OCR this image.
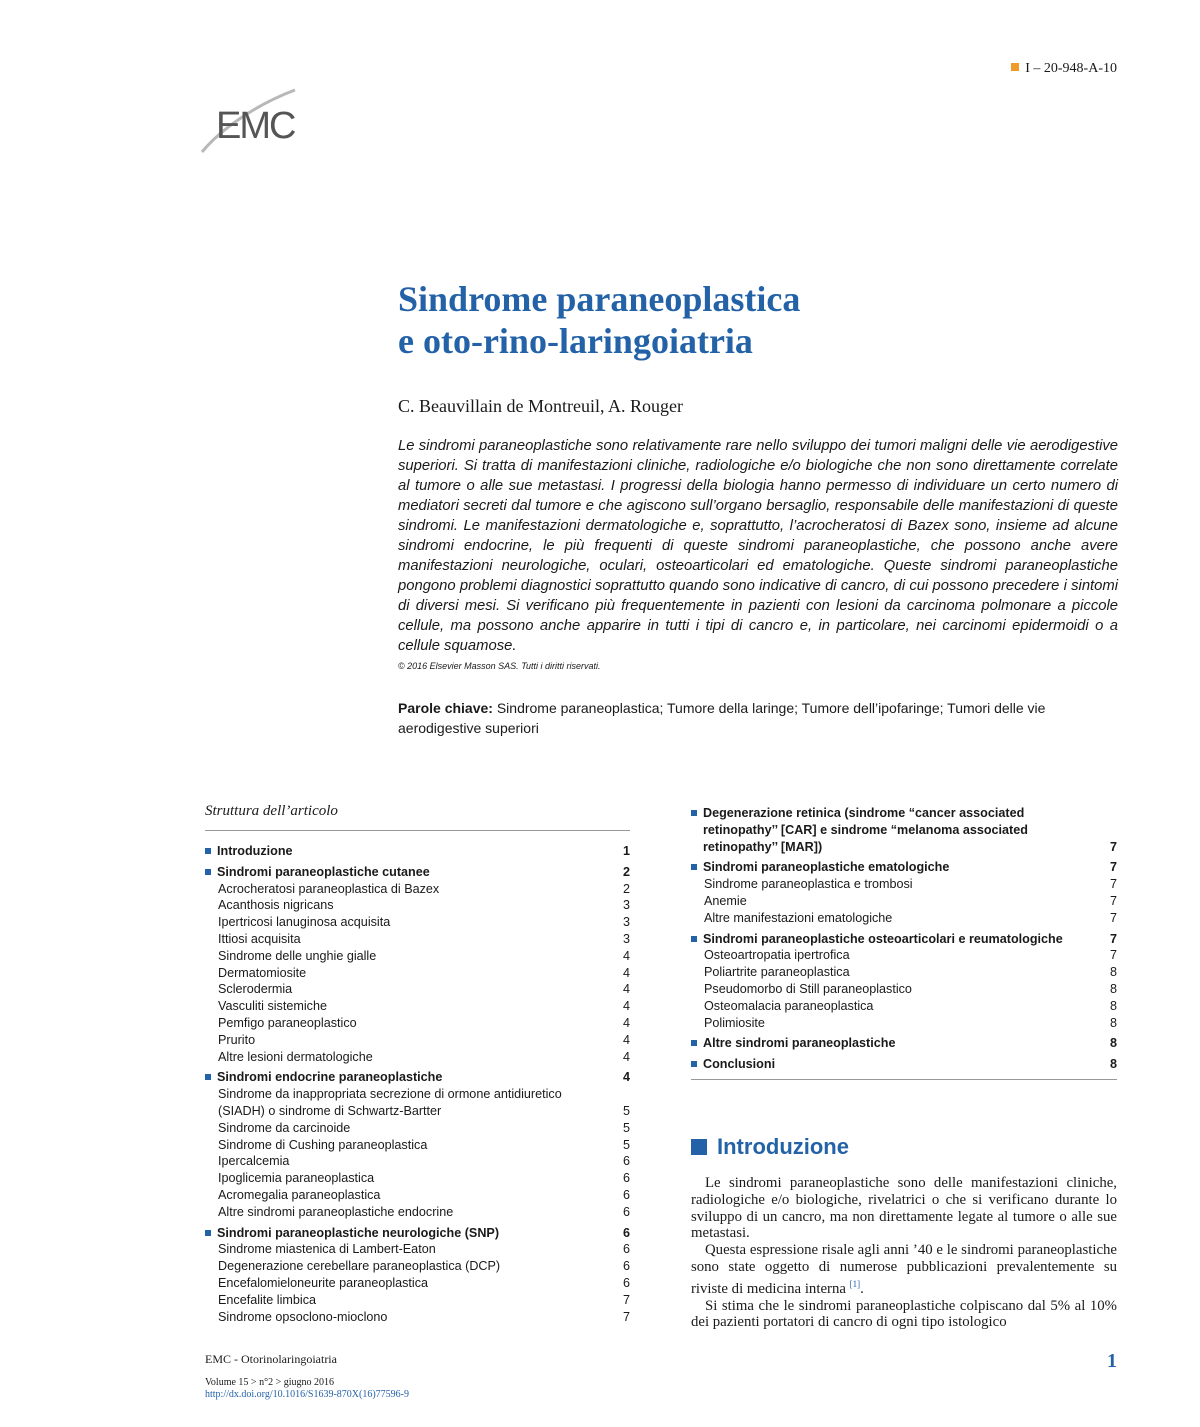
EMC
I – 20-948-A-10
Sindrome paraneoplastica
e oto-rino-laringoiatria
C. Beauvillain de Montreuil, A. Rouger

Le sindromi paraneoplastiche sono relativamente rare nello sviluppo dei tumori maligni delle vie aerodigestive superiori. Si tratta di manifestazioni cliniche, radiologiche e/o biologiche che non sono direttamente correlate al tumore o alle sue metastasi. I progressi della biologia hanno permesso di individuare un certo numero di mediatori secreti dal tumore e che agiscono sull’organo bersaglio, responsabile delle manifestazioni di queste sindromi. Le manifestazioni dermatologiche e, soprattutto, l’acrocheratosi di Bazex sono, insieme ad alcune sindromi endocrine, le più frequenti di queste sindromi paraneoplastiche, che possono anche avere manifestazioni neurologiche, oculari, osteoarticolari ed ematologiche. Queste sindromi paraneoplastiche pongono problemi diagnostici soprattutto quando sono indicative di cancro, di cui possono precedere i sintomi di diversi mesi. Si verificano più frequentemente in pazienti con lesioni da carcinoma polmonare a piccole cellule, ma possono anche apparire in tutti i tipi di cancro e, in particolare, nei carcinomi epidermoidi o a cellule squamose.

© 2016 Elsevier Masson SAS. Tutti i diritti riservati.

Parole chiave: Sindrome paraneoplastica; Tumore della laringe; Tumore dell’ipofaringe; Tumori delle vie aerodigestive superiori
Struttura dell’articolo
Introduzione	1
Sindromi paraneoplastiche cutanee	2
Acrocheratosi paraneoplastica di Bazex	2
Acanthosis nigricans	3
Ipertricosi lanuginosa acquisita	3
Ittiosi acquisita	3
Sindrome delle unghie gialle	4
Dermatomiosite	4
Sclerodermia	4
Vasculiti sistemiche	4
Pemfigo paraneoplastico	4
Prurito	4
Altre lesioni dermatologiche	4
Sindromi endocrine paraneoplastiche	4
Sindrome da inappropriata secrezione di ormone antidiuretico
(SIADH) o sindrome di Schwartz-Bartter	5
Sindrome da carcinoide	5
Sindrome di Cushing paraneoplastica	5
Ipercalcemia	6
Ipoglicemia paraneoplastica	6
Acromegalia paraneoplastica	6
Altre sindromi paraneoplastiche endocrine	6
Sindromi paraneoplastiche neurologiche (SNP)	6
Sindrome miastenica di Lambert-Eaton	6
Degenerazione cerebellare paraneoplastica (DCP)	6
Encefalomieloneurite paraneoplastica	6
Encefalite limbica	7
Sindrome opsoclono-mioclono	7
Degenerazione retinica (sindrome “cancer associated
retinopathy’’ [CAR] e sindrome “melanoma associated
retinopathy’’ [MAR])	7
Sindromi paraneoplastiche ematologiche	7
Sindrome paraneoplastica e trombosi	7
Anemie	7
Altre manifestazioni ematologiche	7
Sindromi paraneoplastiche osteoarticolari e reumatologiche	7
Osteoartropatia ipertrofica	7
Poliartrite paraneoplastica	8
Pseudomorbo di Still paraneoplastico	8
Osteomalacia paraneoplastica	8
Polimiosite	8
Altre sindromi paraneoplastiche	8
Conclusioni	8
Introduzione

Le sindromi paraneoplastiche sono delle manifestazioni cliniche, radiologiche e/o biologiche, rivelatrici o che si verificano durante lo sviluppo di un cancro, ma non direttamente legate al tumore o alle sue metastasi.

Questa espressione risale agli anni ’40 e le sindromi paraneoplastiche sono state oggetto di numerose pubblicazioni prevalentemente su riviste di medicina interna [1].

Si stima che le sindromi paraneoplastiche colpiscano dal 5% al 10% dei pazienti portatori di cancro di ogni tipo istologico

EMC - Otorinolaringoiatria
Volume 15 > n°2 > giugno 2016
http://dx.doi.org/10.1016/S1639-870X(16)77596-9
1
